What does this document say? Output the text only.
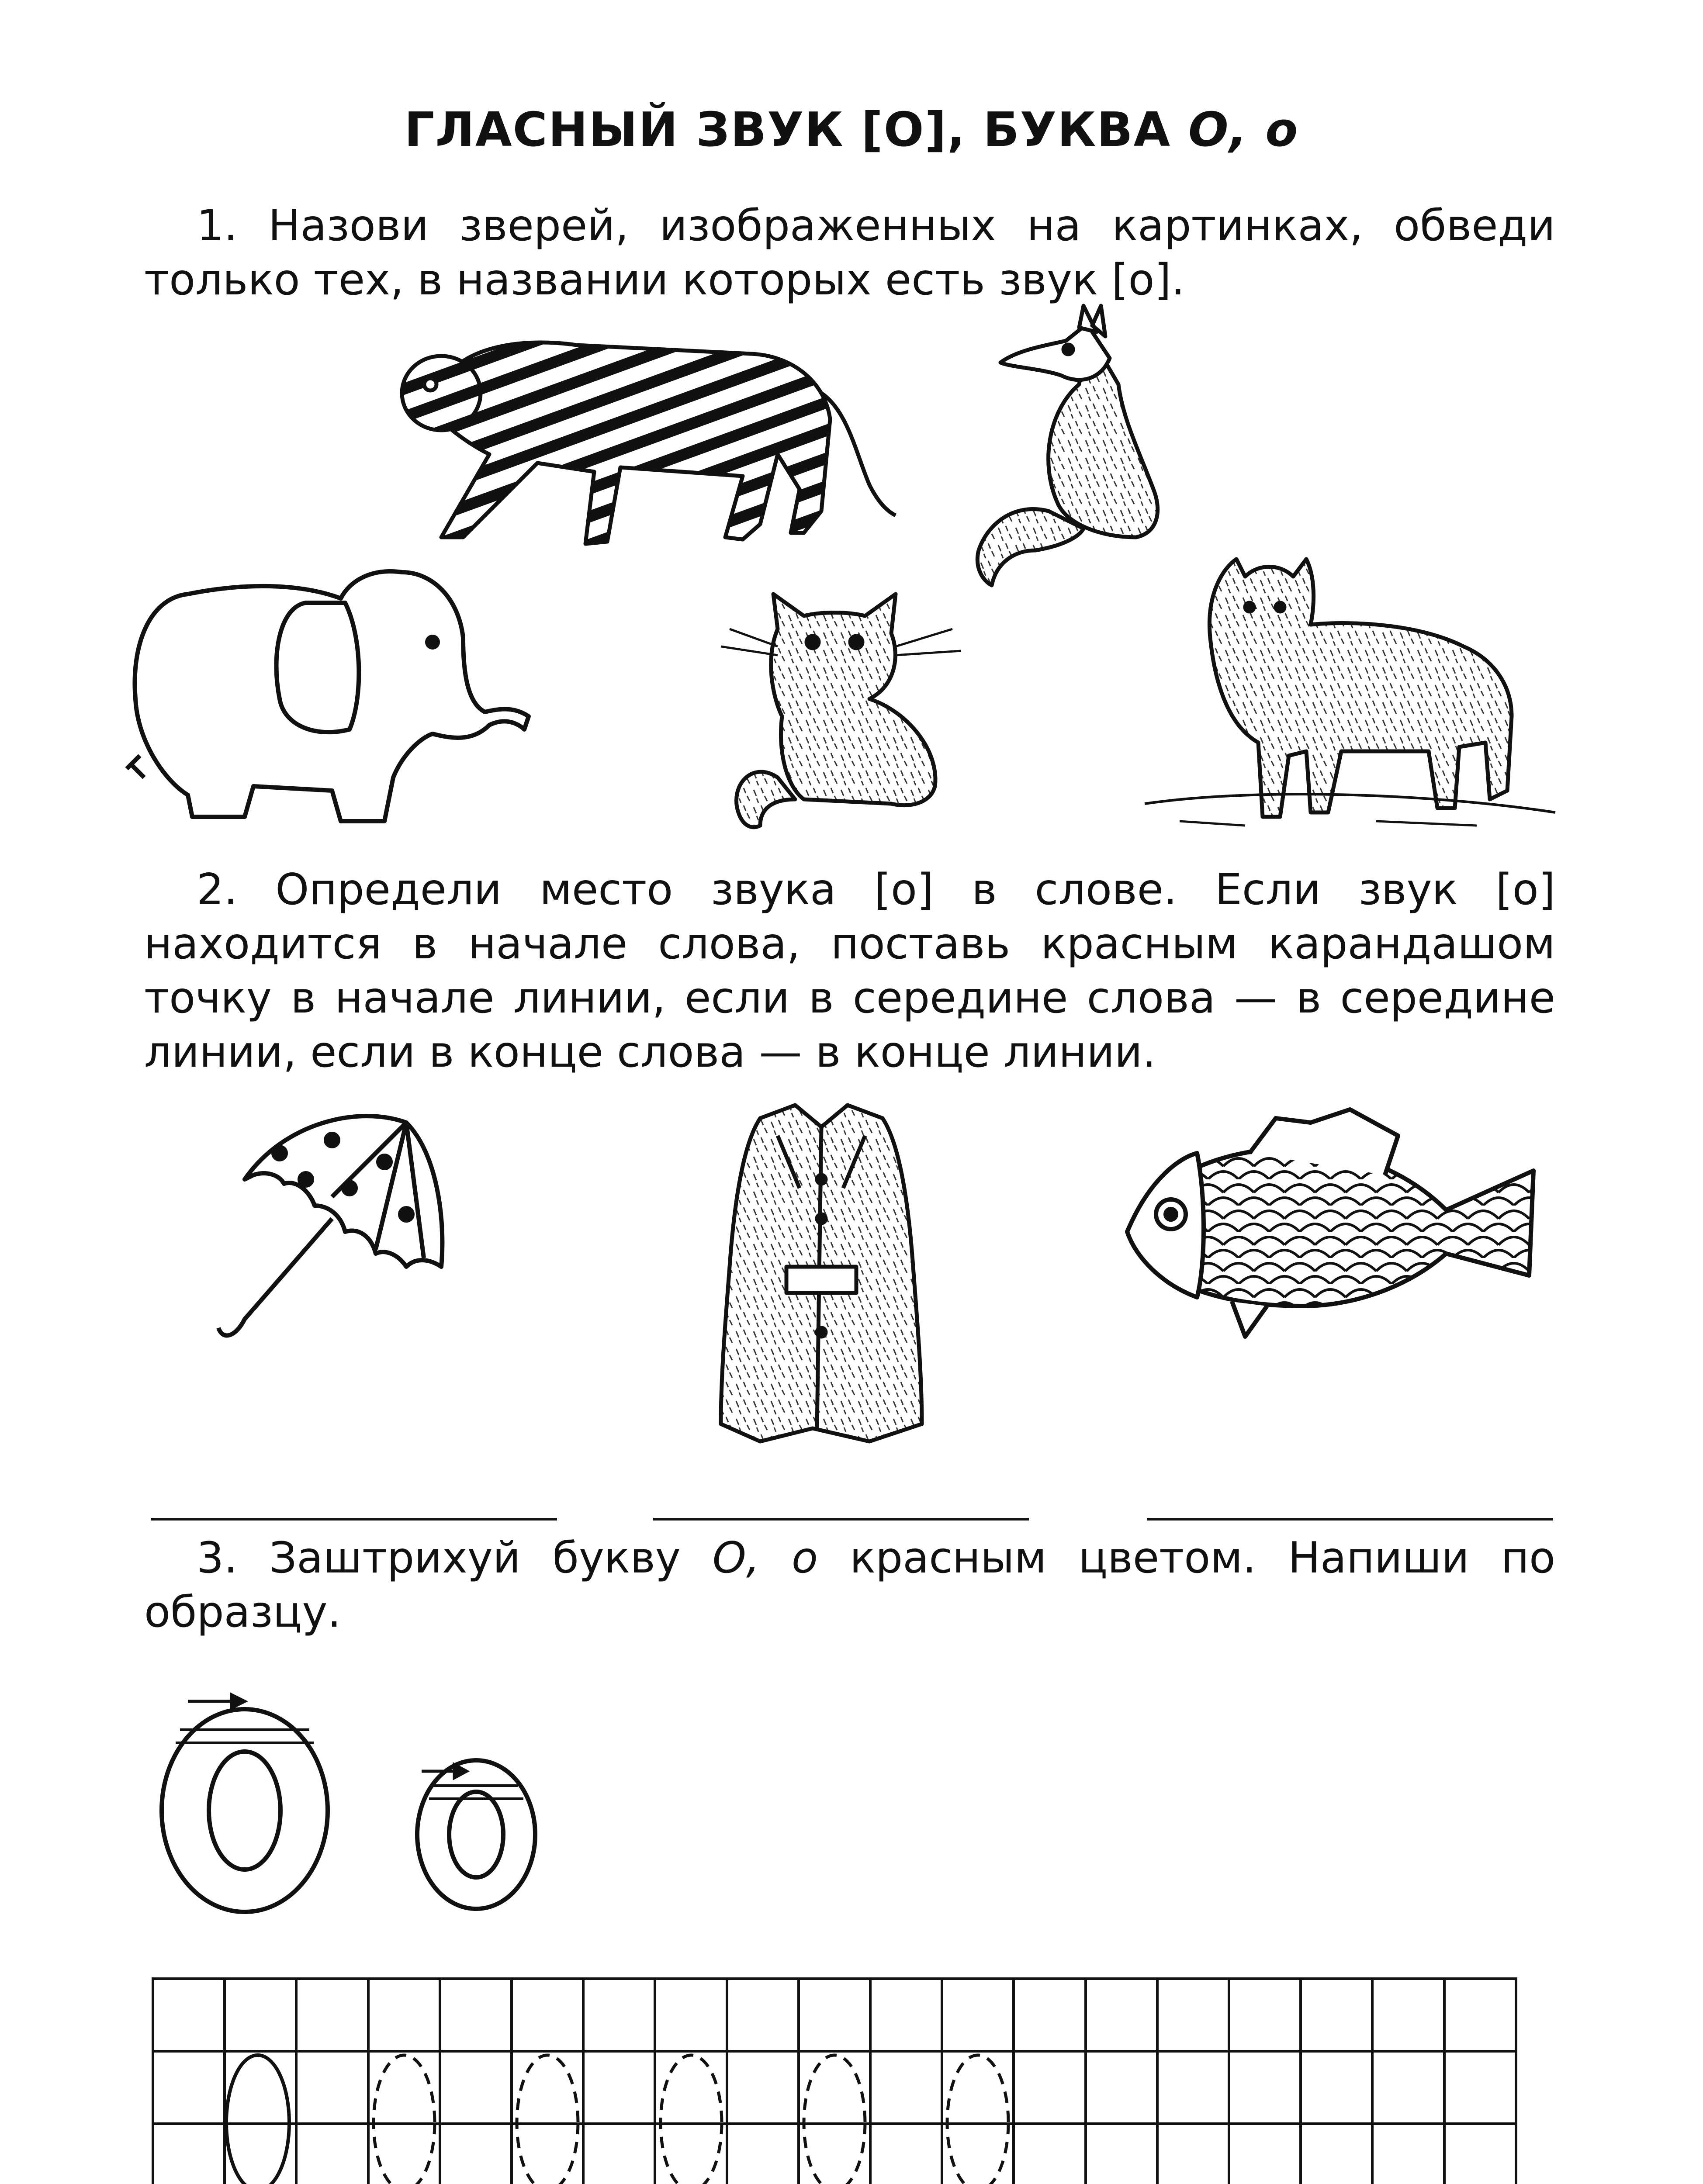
ГЛАСНЫЙ ЗВУК [О], БУКВА О, о
1. Назови зверей, изображенных на картинках, обведи только тех, в названии которых есть звук [о].
2. Определи место звука [о] в слове. Если звук [о] находится в начале слова, поставь красным карандашом точку в начале линии, если в середине слова — в середине линии, если в конце слова — в конце линии.
3. Заштрихуй букву О, о красным цветом. Напиши по образцу.
